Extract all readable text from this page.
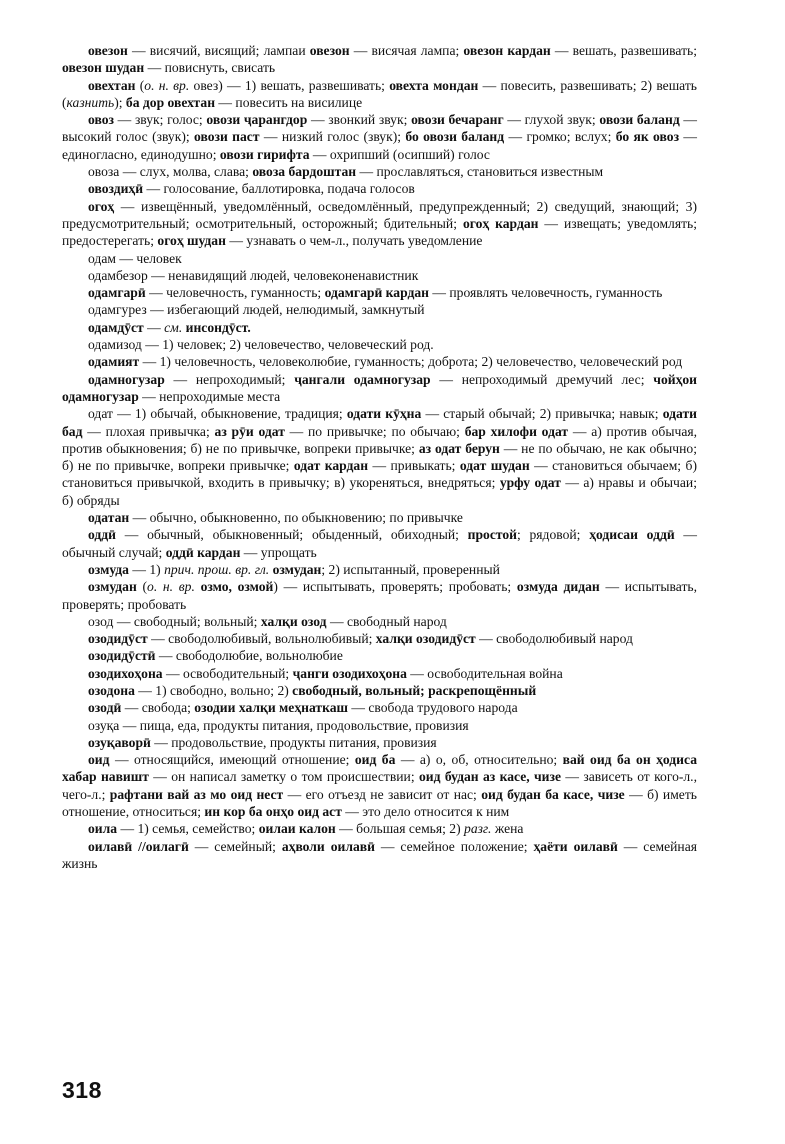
овезон — висячий, висящий; лампаи овезон — висячая лампа; овезон кардан — вешать, развешивать; овезон шудан — повиснуть, свисать

овехтан (о. н. вр. овез) — 1) вешать, развешивать; овехта мондан — повесить, развешивать; 2) вешать (казнить); ба дор овехтан — повесить на висилице

овоз — звук; голос; овози ҷарангдор — звонкий звук; овози бечаранг — глухой звук; овози баланд — высокий голос (звук); овози паст — низкий голос (звук); бо овози баланд — громко; вслух; бо як овоз — единогласно, единодушно; овози гирифта — охрипший (осипший) голос

овоза — слух, молва, слава; овоза бардоштан — прославляться, становиться известным

овоздиҳӣ — голосование, баллотировка, подача голосов

огоҳ — извещённый, уведомлённый, осведомлённый, предупрежденный; 2) сведущий, знающий; 3) предусмотрительный; осмотрительный, осторожный; бдительный; огоҳ кардан — извещать; уведомлять; предостерегать; огоҳ шудан — узнавать о чем-л., получать уведомление

одам — человек

одамбезор — ненавидящий людей, человеконенавистник

одамгарӣ — человечность, гуманность; одамгарӣ кардан — проявлять человечность, гуманность

одамгурез — избегающий людей, нелюдимый, замкнутый

одамдӯст — см. инсондӯст.

одамизод — 1) человек; 2) человечество, человеческий род.

одамият — 1) человечность, человеколюбие, гуманность; доброта; 2) человечество, человеческий род

одамногузар — непроходимый; ҷангали одамногузар — непроходимый дремучий лес; чойҳои одамногузар — непроходимые места

одат — 1) обычай, обыкновение, традиция; одати кӯҳна — старый обычай; 2) привычка; навык; одати бад — плохая привычка; аз рӯи одат — по привычке; по обычаю; бар хилофи одат — а) против обычая, против обыкновения; б) не по привычке, вопреки привычке; аз одат берун — не по обычаю, не как обычно; б) не по привычке, вопреки привычке; одат кардан — привыкать; одат шудан — становиться обычаем; б) становиться привычкой, входить в привычку; в) укореняться, внедряться; урфу одат — а) нравы и обычаи; б) обряды

одатан — обычно, обыкновенно, по обыкновению; по привычке

оддӣ — обычный, обыкновенный; обыденный, обиходный; простой; рядовой; ҳодисаи оддӣ — обычный случай; оддӣ кардан — упрощать

озмуда — 1) прич. прош. вр. гл. озмудан; 2) испытанный, проверенный

озмудан (о. н. вр. озмо, озмой) — испытывать, проверять; пробовать; озмуда дидан — испытывать, проверять; пробовать

озод — свободный; вольный; халқи озод — свободный народ

озодидӯст — свободолюбивый, вольнолюбивый; халқи озодидӯст — свободолюбивый народ

озодидӯстӣ — свободолюбие, вольнолюбие

озодихоҳона — освободительный; ҷанги озодихоҳона — освободительная война

озодона — 1) свободно, вольно; 2) свободный, вольный; раскрепощённый

озодӣ — свобода; озодии халқи меҳнаткаш — свобода трудового народа

озуқа — пища, еда, продукты питания, продовольствие, провизия

озуқаворӣ — продовольствие, продукты питания, провизия

оид — относящийся, имеющий отношение; оид ба — а) о, об, относительно; вай оид ба он ҳодиса хабар навишт — он написал заметку о том происшествии; оид будан аз касе, чизе — зависеть от кого-л., чего-л.; рафтани вай аз мо оид нест — его отъезд не зависит от нас; оид будан ба касе, чизе — б) иметь отношение, относиться; ин кор ба онҳо оид аст — это дело относится к ним

оила — 1) семья, семейство; оилаи калон — большая семья; 2) разг. жена

оилавӣ //оилагӣ — семейный; аҳволи оилавӣ — семейное положение; ҳаёти оилавӣ — семейная жизнь

318
